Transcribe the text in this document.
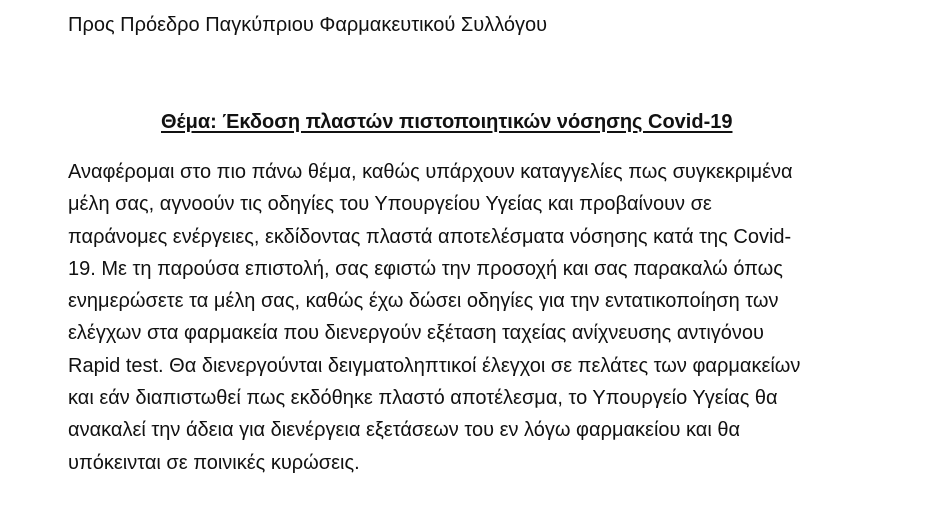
Προς Πρόεδρο Παγκύπριου Φαρμακευτικού Συλλόγου
Θέμα: Έκδοση πλαστών πιστοποιητικών νόσησης Covid-19
Αναφέρομαι στο πιο πάνω θέμα, καθώς υπάρχουν καταγγελίες πως συγκεκριμένα
μέλη σας, αγνοούν τις οδηγίες του Υπουργείου Υγείας και προβαίνουν σε
παράνομες ενέργειες, εκδίδοντας πλαστά αποτελέσματα νόσησης κατά της Covid-
19. Με τη παρούσα επιστολή, σας εφιστώ την προσοχή και σας παρακαλώ όπως
ενημερώσετε τα μέλη σας, καθώς έχω δώσει οδηγίες για την εντατικοποίηση των
ελέγχων στα φαρμακεία που διενεργούν εξέταση ταχείας ανίχνευσης αντιγόνου
Rapid test. Θα διενεργούνται δειγματοληπτικοί έλεγχοι σε πελάτες των φαρμακείων
και εάν διαπιστωθεί πως εκδόθηκε πλαστό αποτέλεσμα, το Υπουργείο Υγείας θα
ανακαλεί την άδεια για διενέργεια εξετάσεων του εν λόγω φαρμακείου και θα
υπόκεινται σε ποινικές κυρώσεις.
